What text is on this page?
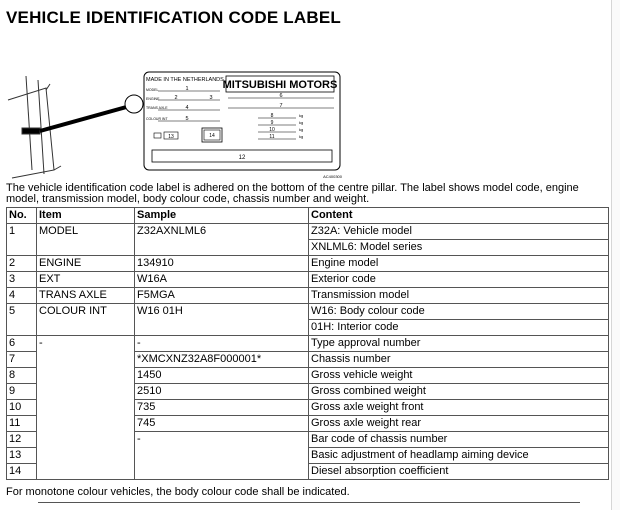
VEHICLE IDENTIFICATION CODE LABEL
MITSUBISHI MOTORS
MADE IN THE NETHERLANDS
MODEL
ENGINE
TRANS AXLE
COLOUR INT
1
2	3
4
5
6
7
8
9
10
11
kg
kg
kg
kg
13	14
12
AC400300
The vehicle identification code label is adhered on the bottom of the centre pillar. The label shows model code, engine model, transmission model, body colour code, chassis number and weight.
No.	Item	Sample	Content
1	MODEL	Z32AXNLML6	Z32A: Vehicle model
			XNLML6: Model series
2	ENGINE	134910	Engine model
3	EXT	W16A	Exterior code
4	TRANS AXLE	F5MGA	Transmission model
5	COLOUR INT	W16 01H	W16: Body colour code
			01H: Interior code
6	-	-	Type approval number
7		*XMCXNZ32A8F000001*	Chassis number
8		1450	Gross vehicle weight
9		2510	Gross combined weight
10		735	Gross axle weight front
11		745	Gross axle weight rear
12		-	Bar code of chassis number
13			Basic adjustment of headlamp aiming device
14			Diesel absorption coefficient
For monotone colour vehicles, the body colour code shall be indicated.
